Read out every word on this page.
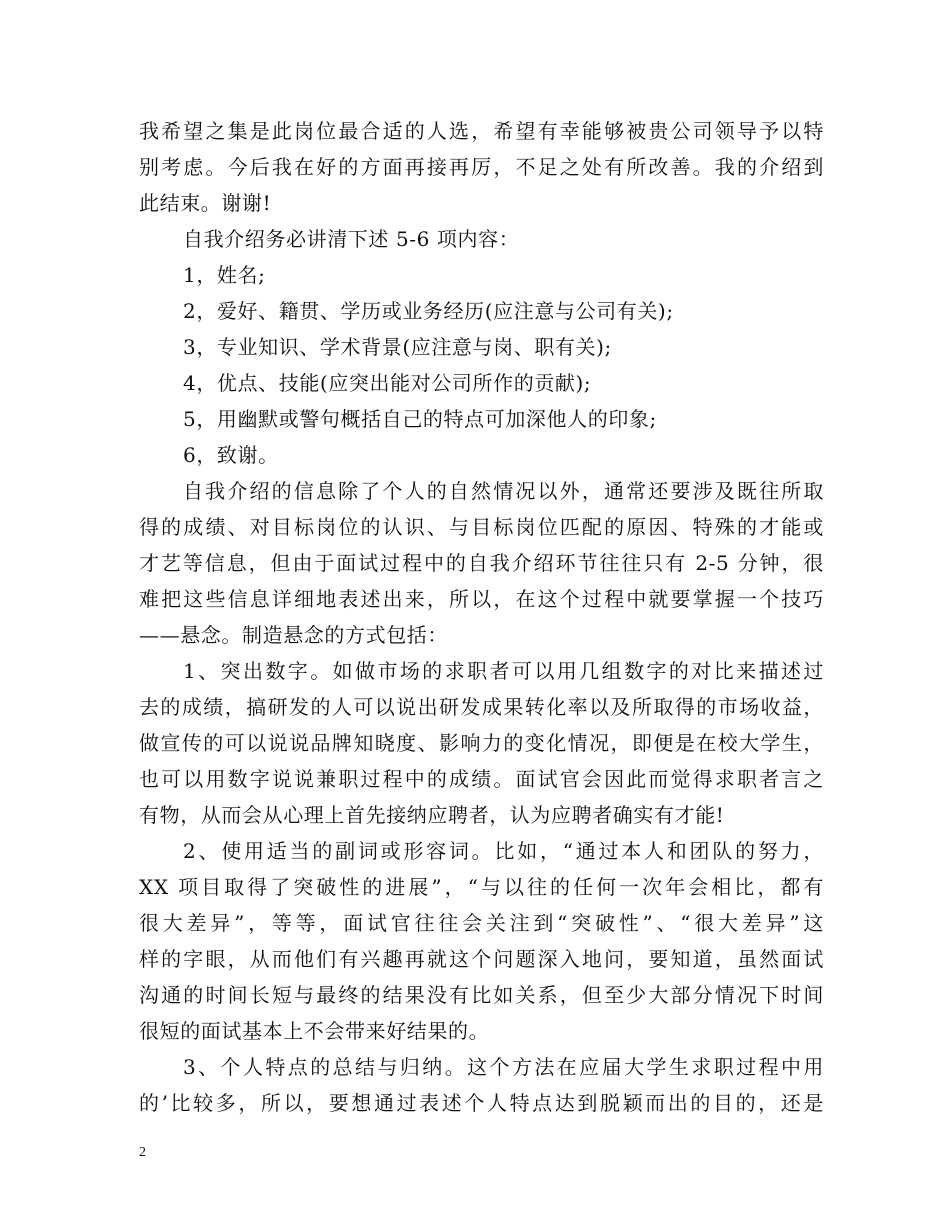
我希望之集是此岗位最合适的人选，希望有幸能够被贵公司领导予以特
别考虑。今后我在好的方面再接再厉，不足之处有所改善。我的介绍到
此结束。谢谢!
自我介绍务必讲清下述 5-6 项内容：
1，姓名;
2，爱好、籍贯、学历或业务经历(应注意与公司有关);
3，专业知识、学术背景(应注意与岗、职有关);
4，优点、技能(应突出能对公司所作的贡献);
5，用幽默或警句概括自己的特点可加深他人的印象;
6，致谢。
自我介绍的信息除了个人的自然情况以外，通常还要涉及既往所取
得的成绩、对目标岗位的认识、与目标岗位匹配的原因、特殊的才能或
才艺等信息，但由于面试过程中的自我介绍环节往往只有 2-5 分钟，很
难把这些信息详细地表述出来，所以，在这个过程中就要掌握一个技巧
——悬念。制造悬念的方式包括：
1、突出数字。如做市场的求职者可以用几组数字的对比来描述过
去的成绩，搞研发的人可以说出研发成果转化率以及所取得的市场收益，
做宣传的可以说说品牌知晓度、影响力的变化情况，即便是在校大学生，
也可以用数字说说兼职过程中的成绩。面试官会因此而觉得求职者言之
有物，从而会从心理上首先接纳应聘者，认为应聘者确实有才能!
2、使用适当的副词或形容词。比如，“通过本人和团队的努力，
XX 项目取得了突破性的进展”，“与以往的任何一次年会相比，都有
很大差异”，等等，面试官往往会关注到“突破性”、“很大差异”这
样的字眼，从而他们有兴趣再就这个问题深入地问，要知道，虽然面试
沟通的时间长短与最终的结果没有比如关系，但至少大部分情况下时间
很短的面试基本上不会带来好结果的。
3、个人特点的总结与归纳。这个方法在应届大学生求职过程中用
的’比较多，所以，要想通过表述个人特点达到脱颖而出的目的，还是
2
